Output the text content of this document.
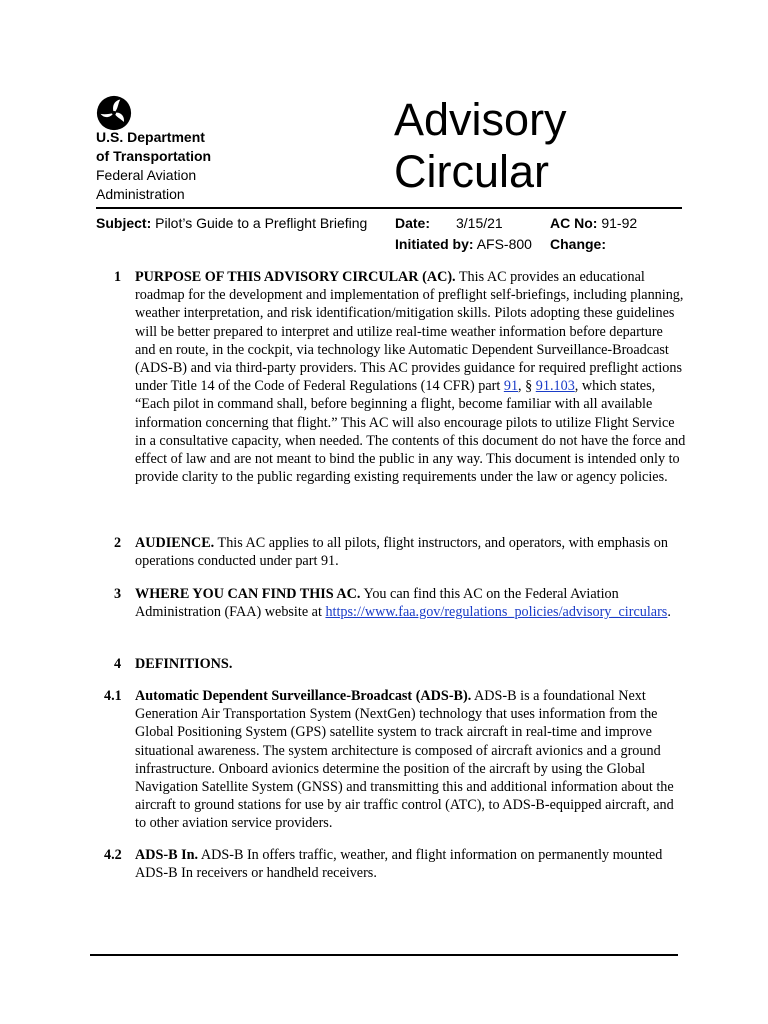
U.S. Department
of Transportation
Federal Aviation
Administration
Advisory
Circular
Subject: Pilot’s Guide to a Preflight Briefing Date: 3/15/21	AC No: 91-92
Initiated by: AFS-800 Change:
1 PURPOSE OF THIS ADVISORY CIRCULAR (AC). This AC provides an educational roadmap for the development and implementation of preflight self-briefings, including planning, weather interpretation, and risk identification/mitigation skills. Pilots adopting these guidelines will be better prepared to interpret and utilize real-time weather information before departure and en route, in the cockpit, via technology like Automatic Dependent Surveillance-Broadcast (ADS-B) and via third-party providers. This AC provides guidance for required preflight actions under Title 14 of the Code of Federal Regulations (14 CFR) part 91, § 91.103, which states, “Each pilot in command shall, before beginning a flight, become familiar with all available information concerning that flight.” This AC will also encourage pilots to utilize Flight Service in a consultative capacity, when needed. The contents of this document do not have the force and effect of law and are not meant to bind the public in any way. This document is intended only to provide clarity to the public regarding existing requirements under the law or agency policies.
2 AUDIENCE. This AC applies to all pilots, flight instructors, and operators, with emphasis on operations conducted under part 91.
3 WHERE YOU CAN FIND THIS AC. You can find this AC on the Federal Aviation Administration (FAA) website at https://www.faa.gov/regulations_policies/advisory_circulars.
4 DEFINITIONS.
4.1 Automatic Dependent Surveillance-Broadcast (ADS-B). ADS-B is a foundational Next Generation Air Transportation System (NextGen) technology that uses information from the Global Positioning System (GPS) satellite system to track aircraft in real-time and improve situational awareness. The system architecture is composed of aircraft avionics and a ground infrastructure. Onboard avionics determine the position of the aircraft by using the Global Navigation Satellite System (GNSS) and transmitting this and additional information about the aircraft to ground stations for use by air traffic control (ATC), to ADS-B-equipped aircraft, and to other aviation service providers.
4.2 ADS-B In. ADS-B In offers traffic, weather, and flight information on permanently mounted ADS-B In receivers or handheld receivers.
